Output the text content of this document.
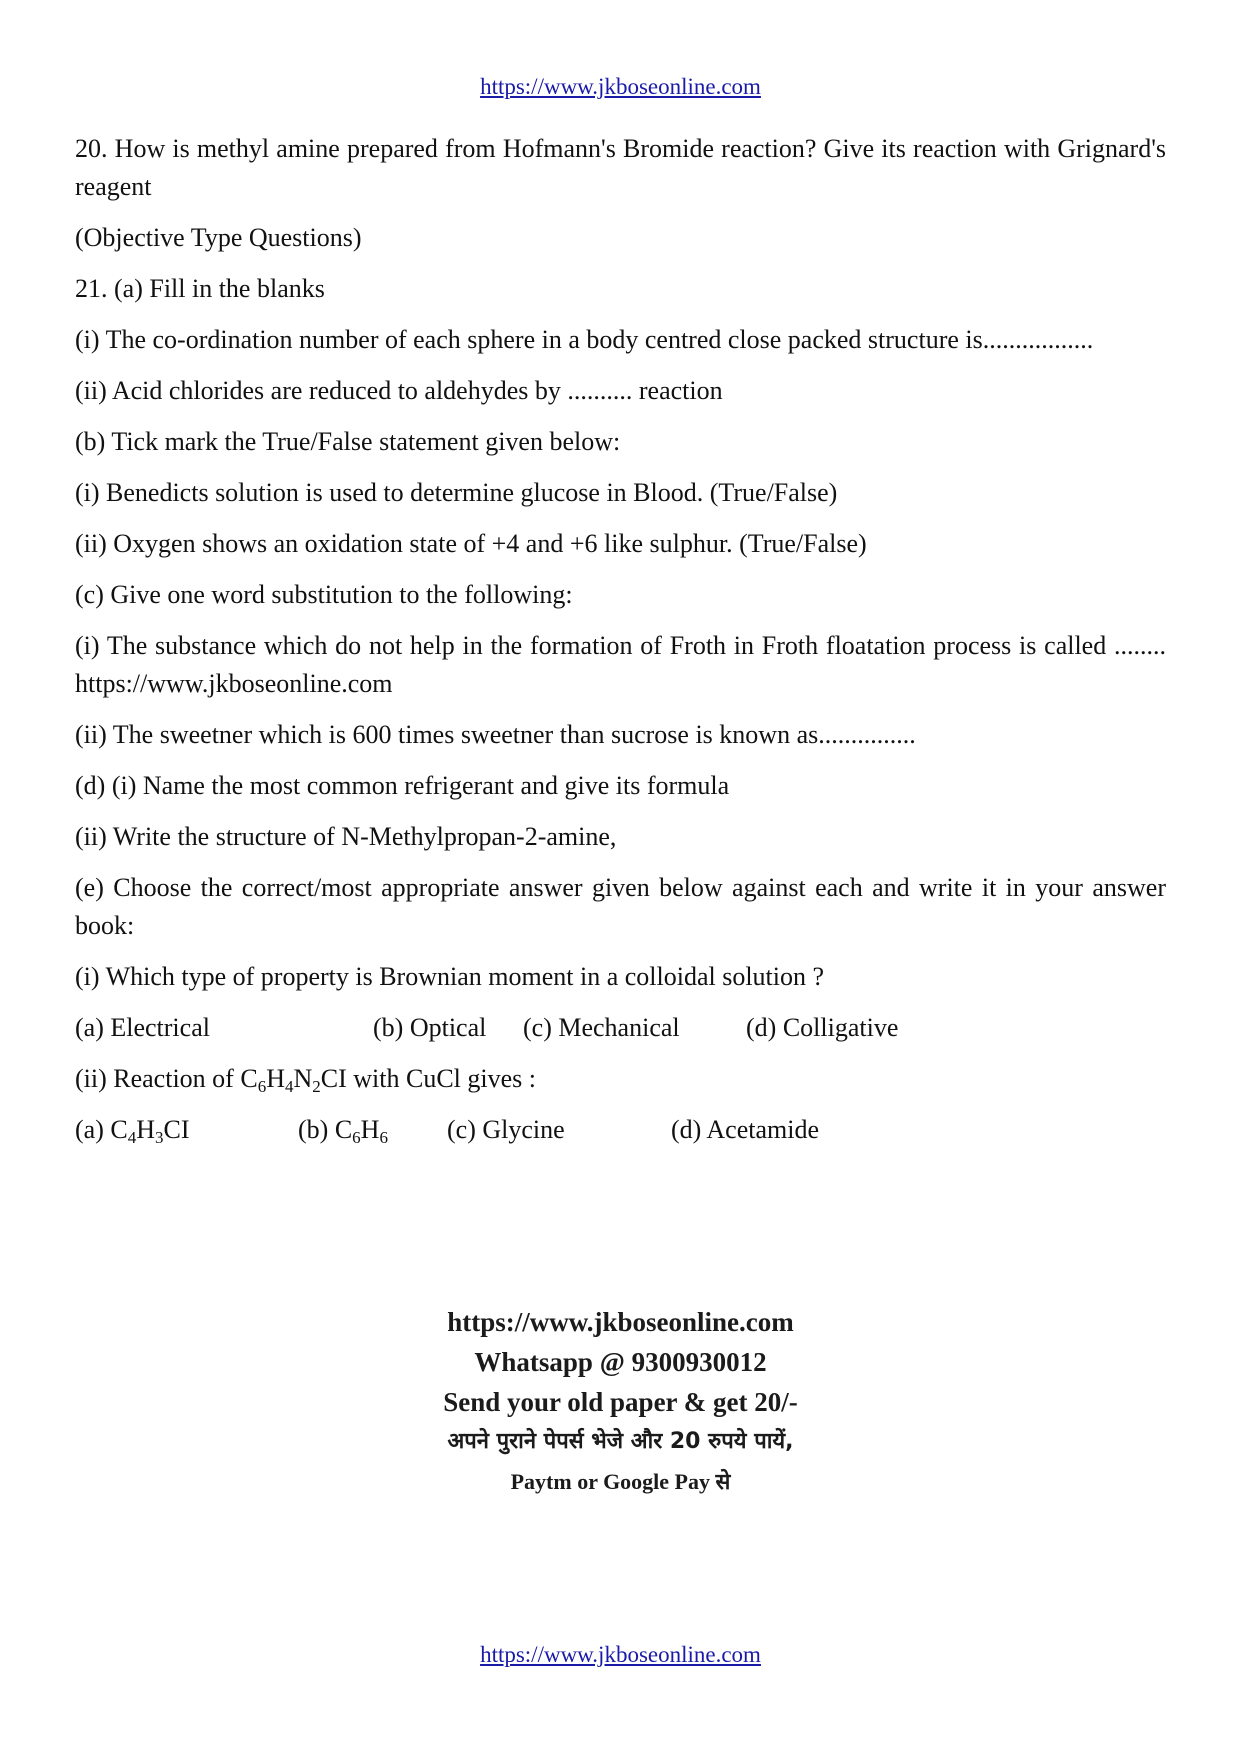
https://www.jkboseonline.com

20. How is methyl amine prepared from Hofmann's Bromide reaction? Give its reaction with Grignard's reagent

(Objective Type Questions)

21. (a) Fill in the blanks

(i) The co-ordination number of each sphere in a body centred close packed structure is.................

(ii) Acid chlorides are reduced to aldehydes by .......... reaction

(b) Tick mark the True/False statement given below:

(i) Benedicts solution is used to determine glucose in Blood. (True/False)

(ii) Oxygen shows an oxidation state of +4 and +6 like sulphur. (True/False)

(c) Give one word substitution to the following:

(i) The substance which do not help in the formation of Froth in Froth floatation process is called ........ https://www.jkboseonline.com

(ii) The sweetner which is 600 times sweetner than sucrose is known as...............

(d) (i) Name the most common refrigerant and give its formula

(ii) Write the structure of N-Methylpropan-2-amine,

(e) Choose the correct/most appropriate answer given below against each and write it in your answer book:

(i) Which type of property is Brownian moment in a colloidal solution ?

(a) Electrical	(b) Optical	(c) Mechanical	(d) Colligative

(ii) Reaction of $C_6H_4N_2CI$ with CuCl gives :

(a) $C_4H_3CI$	(b) $C_6H_6$	(c) Glycine	(d) Acetamide
https://www.jkboseonline.com
Whatsapp @ 9300930012
Send your old paper & get 20/-
अपने पुराने पेपर्स भेजे और 20 रुपये पायें,
Paytm or Google Pay से
https://www.jkboseonline.com
